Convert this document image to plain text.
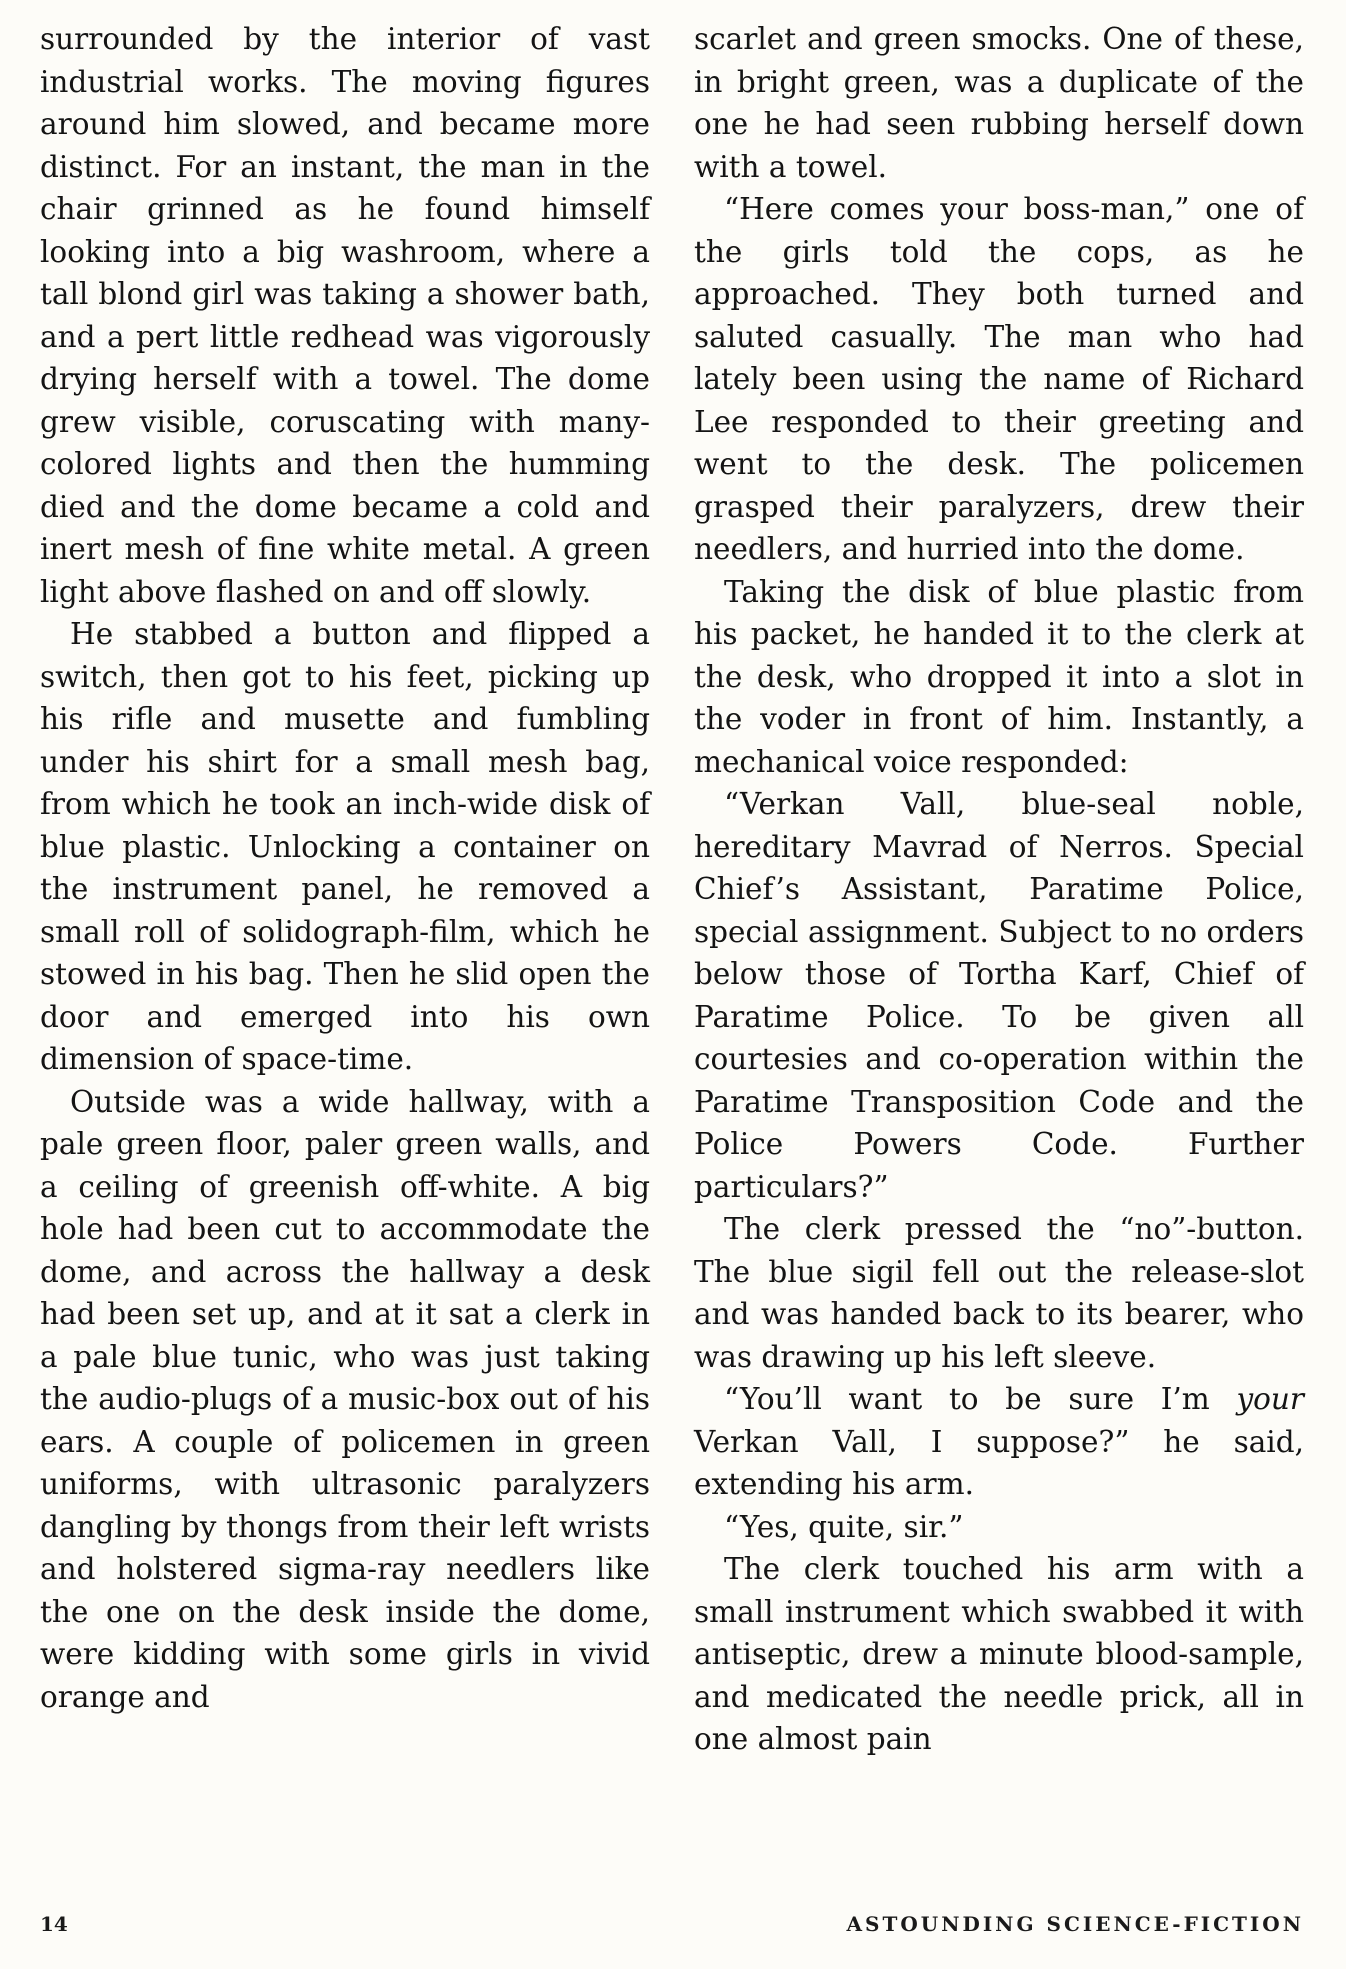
surrounded by the interior of vast industrial works. The moving figures around him slowed, and became more distinct. For an instant, the man in the chair grinned as he found himself looking into a big washroom, where a tall blond girl was taking a shower bath, and a pert little redhead was vigorously drying herself with a towel. The dome grew visible, coruscating with many-colored lights and then the humming died and the dome became a cold and inert mesh of fine white metal. A green light above flashed on and off slowly.

He stabbed a button and flipped a switch, then got to his feet, picking up his rifle and musette and fumbling under his shirt for a small mesh bag, from which he took an inch-wide disk of blue plastic. Unlocking a container on the instrument panel, he removed a small roll of solidograph-film, which he stowed in his bag. Then he slid open the door and emerged into his own dimension of space-time.

Outside was a wide hallway, with a pale green floor, paler green walls, and a ceiling of greenish off-white. A big hole had been cut to accommodate the dome, and across the hallway a desk had been set up, and at it sat a clerk in a pale blue tunic, who was just taking the audio-plugs of a music-box out of his ears. A couple of policemen in green uniforms, with ultrasonic paralyzers dangling by thongs from their left wrists and holstered sigma-ray needlers like the one on the desk inside the dome, were kidding with some girls in vivid orange and

scarlet and green smocks. One of these, in bright green, was a duplicate of the one he had seen rubbing herself down with a towel.

“Here comes your boss-man,” one of the girls told the cops, as he approached. They both turned and saluted casually. The man who had lately been using the name of Richard Lee responded to their greeting and went to the desk. The policemen grasped their paralyzers, drew their needlers, and hurried into the dome.

Taking the disk of blue plastic from his packet, he handed it to the clerk at the desk, who dropped it into a slot in the voder in front of him. Instantly, a mechanical voice responded:

“Verkan Vall, blue-seal noble, hereditary Mavrad of Nerros. Special Chief’s Assistant, Paratime Police, special assignment. Subject to no orders below those of Tortha Karf, Chief of Paratime Police. To be given all courtesies and co-operation within the Paratime Transposition Code and the Police Powers Code. Further particulars?”

The clerk pressed the “no”-button. The blue sigil fell out the release-slot and was handed back to its bearer, who was drawing up his left sleeve.

“You’ll want to be sure I’m your Verkan Vall, I suppose?” he said, extending his arm.

“Yes, quite, sir.”

The clerk touched his arm with a small instrument which swabbed it with antiseptic, drew a minute blood-sample, and medicated the needle prick, all in one almost pain

14	ASTOUNDING SCIENCE-FICTION
